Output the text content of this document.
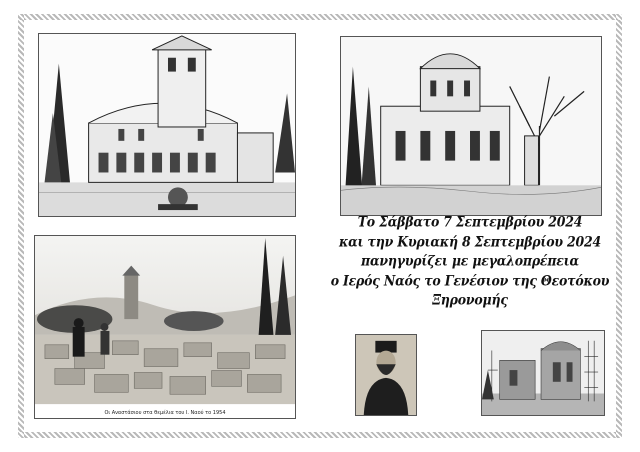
Οι Αναστάσιου στα θεμέλια του Ι. Ναού το 1954
Το Σάββατο 7 Σεπτεμβρίου 2024
και την Κυριακή 8 Σεπτεμβρίου 2024
πανηγυρίζει με μεγαλοπρέπεια
ο Ιερός Ναός το Γενέσιον της Θεοτόκου
Ξηρονομής
